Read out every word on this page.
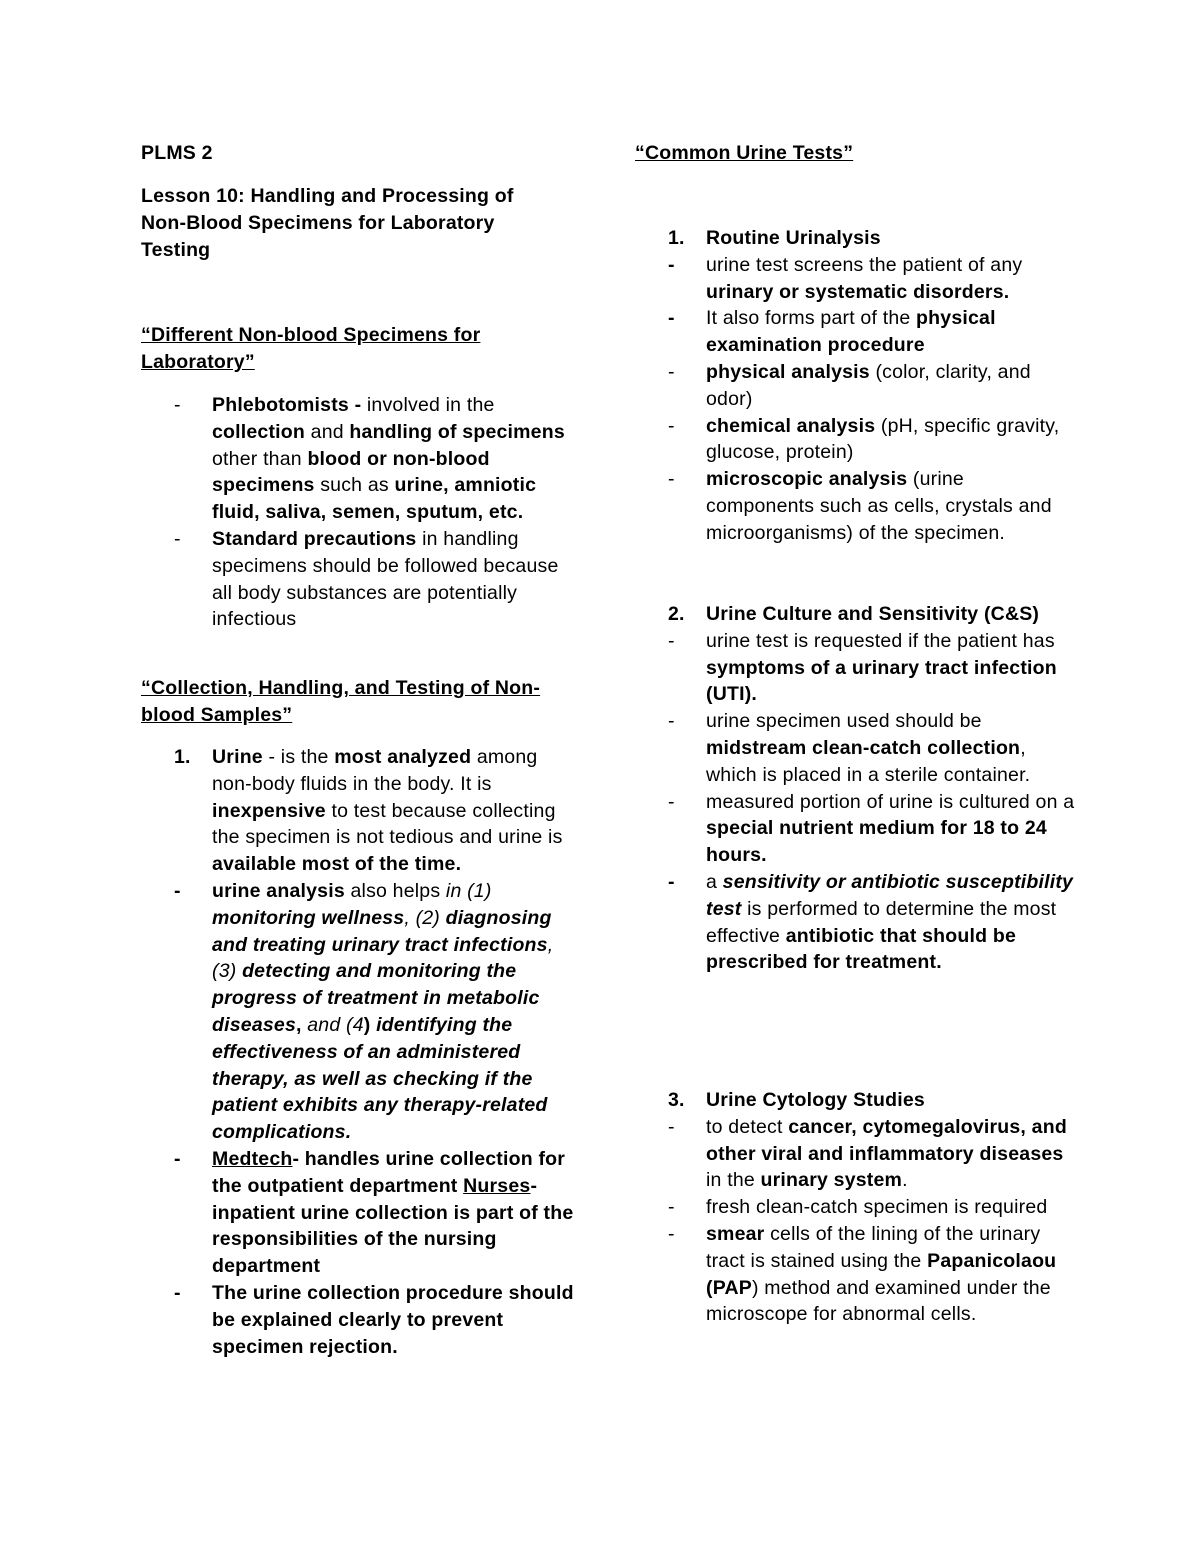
PLMS 2
Lesson 10: Handling and Processing of Non-Blood Specimens for Laboratory Testing
“Different Non-blood Specimens for Laboratory”
- Phlebotomists - involved in the collection and handling of specimens other than blood or non-blood specimens such as urine, amniotic fluid, saliva, semen, sputum, etc.
- Standard precautions in handling specimens should be followed because all body substances are potentially infectious
“Collection, Handling, and Testing of Non-blood Samples”
1. Urine - is the most analyzed among non-body fluids in the body. It is inexpensive to test because collecting the specimen is not tedious and urine is available most of the time.
- urine analysis also helps in (1) monitoring wellness, (2) diagnosing and treating urinary tract infections, (3) detecting and monitoring the progress of treatment in metabolic diseases, and (4) identifying the effectiveness of an administered therapy, as well as checking if the patient exhibits any therapy-related complications.
- Medtech- handles urine collection for the outpatient department Nurses- inpatient urine collection is part of the responsibilities of the nursing department
- The urine collection procedure should be explained clearly to prevent specimen rejection.
“Common Urine Tests”
1. Routine Urinalysis
- urine test screens the patient of any urinary or systematic disorders.
- It also forms part of the physical examination procedure
- physical analysis (color, clarity, and odor)
- chemical analysis (pH, specific gravity, glucose, protein)
- microscopic analysis (urine components such as cells, crystals and microorganisms) of the specimen.
2. Urine Culture and Sensitivity (C&S)
- urine test is requested if the patient has symptoms of a urinary tract infection (UTI).
- urine specimen used should be midstream clean-catch collection, which is placed in a sterile container.
- measured portion of urine is cultured on a special nutrient medium for 18 to 24 hours.
- a sensitivity or antibiotic susceptibility test is performed to determine the most effective antibiotic that should be prescribed for treatment.
3. Urine Cytology Studies
- to detect cancer, cytomegalovirus, and other viral and inflammatory diseases in the urinary system.
- fresh clean-catch specimen is required
- smear cells of the lining of the urinary tract is stained using the Papanicolaou (PAP) method and examined under the microscope for abnormal cells.
